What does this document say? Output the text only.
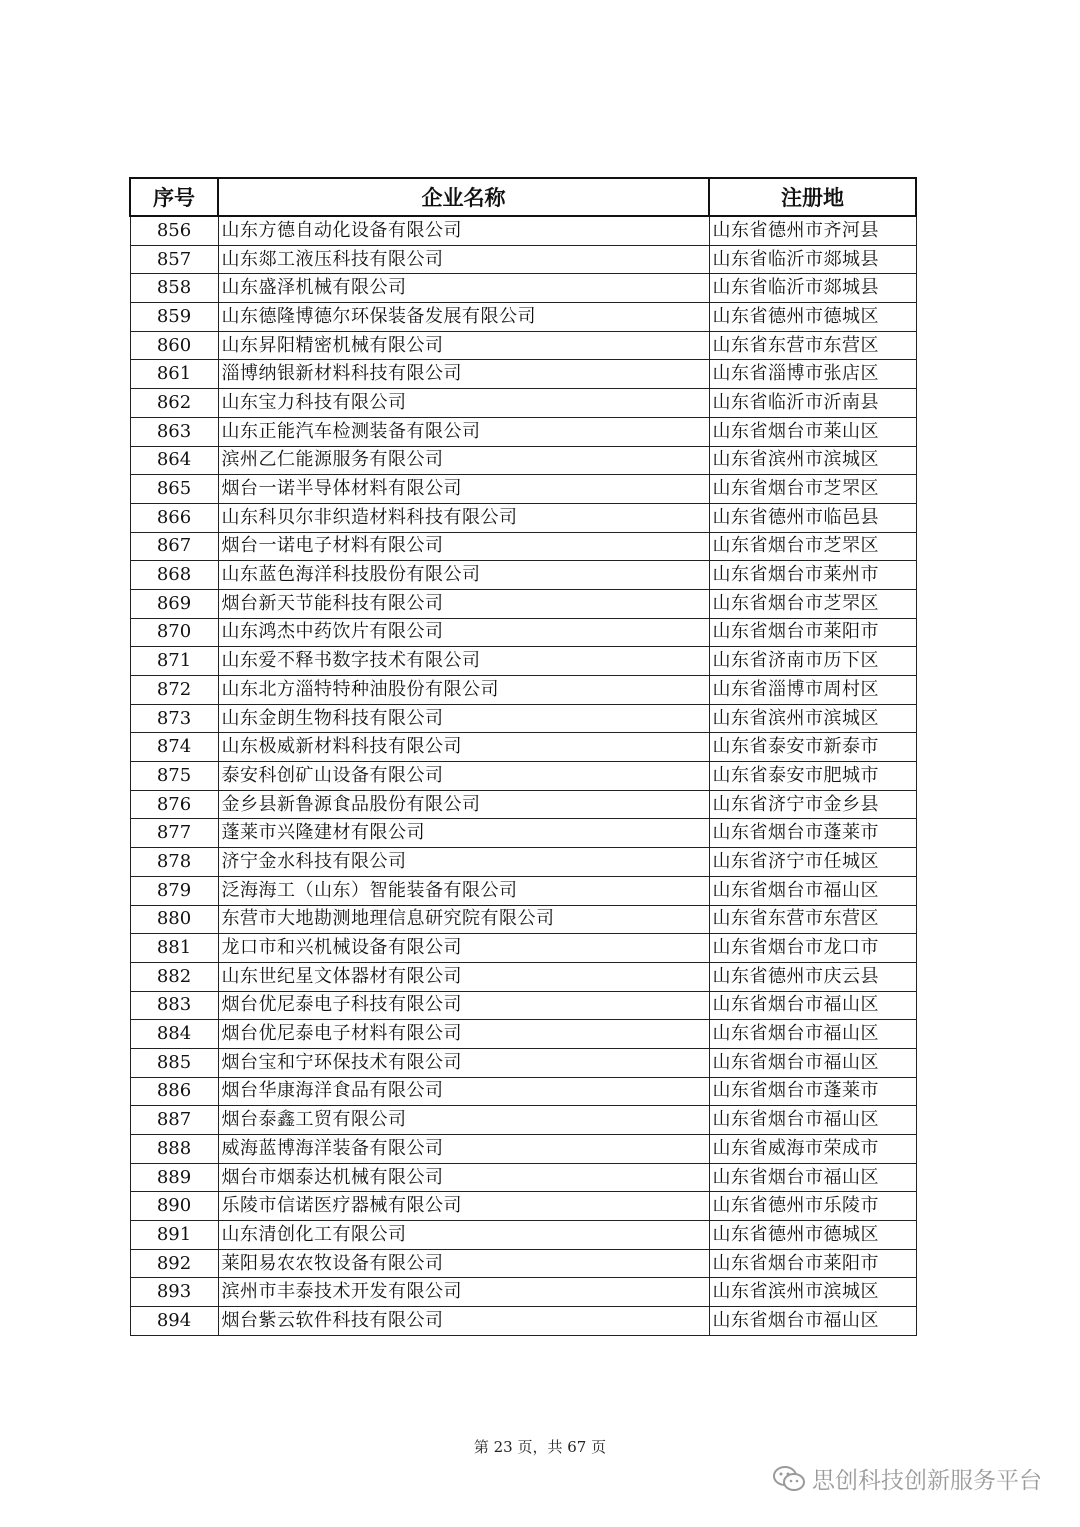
序号	企业名称	注册地
856	山东方德自动化设备有限公司	山东省德州市齐河县
857	山东郯工液压科技有限公司	山东省临沂市郯城县
858	山东盛泽机械有限公司	山东省临沂市郯城县
859	山东德隆博德尔环保装备发展有限公司	山东省德州市德城区
860	山东昇阳精密机械有限公司	山东省东营市东营区
861	淄博纳银新材料科技有限公司	山东省淄博市张店区
862	山东宝力科技有限公司	山东省临沂市沂南县
863	山东正能汽车检测装备有限公司	山东省烟台市莱山区
864	滨州乙仁能源服务有限公司	山东省滨州市滨城区
865	烟台一诺半导体材料有限公司	山东省烟台市芝罘区
866	山东科贝尔非织造材料科技有限公司	山东省德州市临邑县
867	烟台一诺电子材料有限公司	山东省烟台市芝罘区
868	山东蓝色海洋科技股份有限公司	山东省烟台市莱州市
869	烟台新天节能科技有限公司	山东省烟台市芝罘区
870	山东鸿杰中药饮片有限公司	山东省烟台市莱阳市
871	山东爱不释书数字技术有限公司	山东省济南市历下区
872	山东北方淄特特种油股份有限公司	山东省淄博市周村区
873	山东金朗生物科技有限公司	山东省滨州市滨城区
874	山东极威新材料科技有限公司	山东省泰安市新泰市
875	泰安科创矿山设备有限公司	山东省泰安市肥城市
876	金乡县新鲁源食品股份有限公司	山东省济宁市金乡县
877	蓬莱市兴隆建材有限公司	山东省烟台市蓬莱市
878	济宁金水科技有限公司	山东省济宁市任城区
879	泛海海工（山东）智能装备有限公司	山东省烟台市福山区
880	东营市大地勘测地理信息研究院有限公司	山东省东营市东营区
881	龙口市和兴机械设备有限公司	山东省烟台市龙口市
882	山东世纪星文体器材有限公司	山东省德州市庆云县
883	烟台优尼泰电子科技有限公司	山东省烟台市福山区
884	烟台优尼泰电子材料有限公司	山东省烟台市福山区
885	烟台宝和宁环保技术有限公司	山东省烟台市福山区
886	烟台华康海洋食品有限公司	山东省烟台市蓬莱市
887	烟台泰鑫工贸有限公司	山东省烟台市福山区
888	威海蓝博海洋装备有限公司	山东省威海市荣成市
889	烟台市烟泰达机械有限公司	山东省烟台市福山区
890	乐陵市信诺医疗器械有限公司	山东省德州市乐陵市
891	山东清创化工有限公司	山东省德州市德城区
892	莱阳易农农牧设备有限公司	山东省烟台市莱阳市
893	滨州市丰泰技术开发有限公司	山东省滨州市滨城区
894	烟台紫云软件科技有限公司	山东省烟台市福山区
第 23 页，共 67 页
思创科技创新服务平台
